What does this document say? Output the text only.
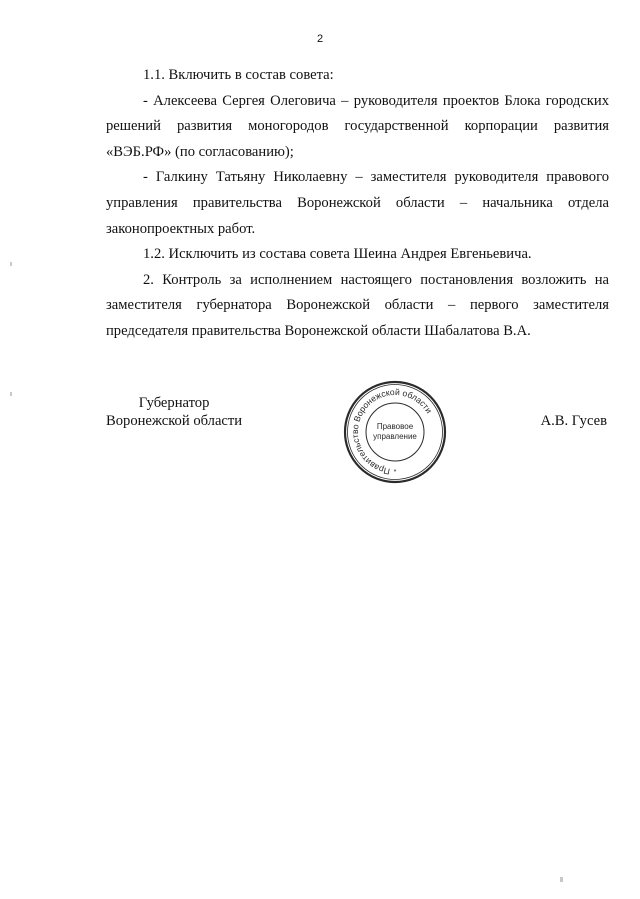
2

1.1. Включить в состав совета:

- Алексеева Сергея Олеговича – руководителя проектов Блока городских решений развития моногородов государственной корпорации развития «ВЭБ.РФ» (по согласованию);

- Галкину Татьяну Николаевну – заместителя руководителя правового управления правительства Воронежской области – начальника отдела законопроектных работ.

1.2. Исключить из состава совета Шеина Андрея Евгеньевича.

2. Контроль за исполнением настоящего постановления возложить на заместителя губернатора Воронежской области – первого заместителя председателя правительства Воронежской области Шабалатова В.А.

Губернатор
Воронежской области	А.В. Гусев
Правительство Воронежской области
Правовое
управление
*
